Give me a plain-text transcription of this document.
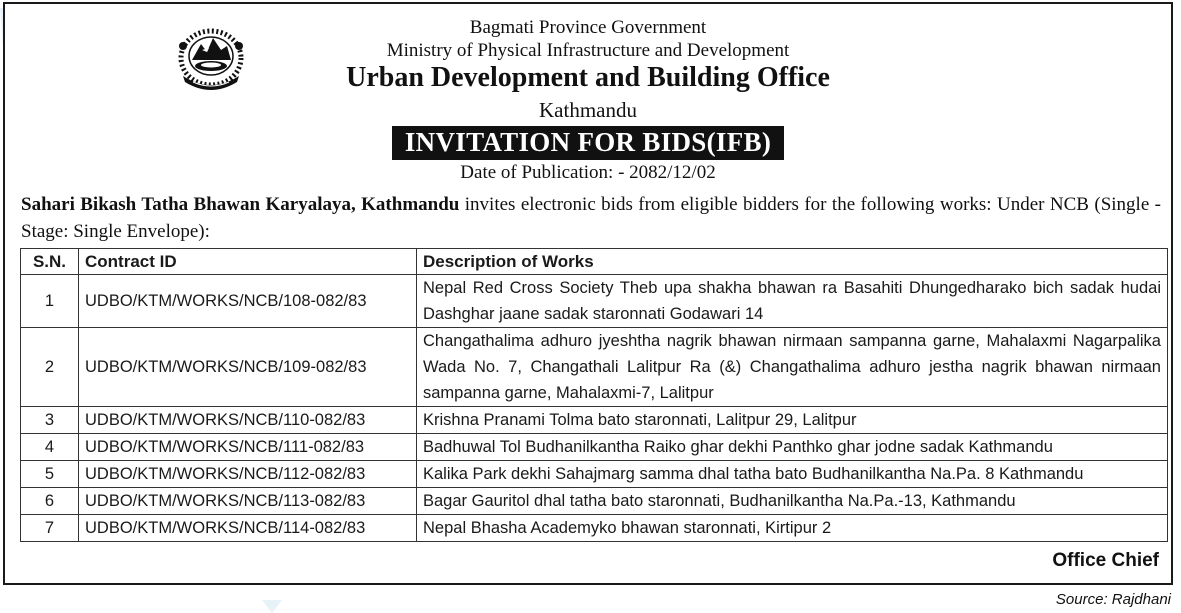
Bagmati Province Government
Ministry of Physical Infrastructure and Development
Urban Development and Building Office
Kathmandu
INVITATION FOR BIDS(IFB)
Date of Publication: - 2082/12/02
Sahari Bikash Tatha Bhawan Karyalaya, Kathmandu invites electronic bids from eligible bidders for the following works: Under NCB (Single -Stage: Single Envelope):
S.N.	Contract ID	Description of Works
1	UDBO/KTM/WORKS/NCB/108-082/83	Nepal Red Cross Society Theb upa shakha bhawan ra Basahiti Dhungedharako bich sadak hudai Dashghar jaane sadak staronnati Godawari 14
2	UDBO/KTM/WORKS/NCB/109-082/83	Changathalima adhuro jyeshtha nagrik bhawan nirmaan sampanna garne, Mahalaxmi Nagarpalika Wada No. 7, Changathali Lalitpur Ra (&) Changathalima adhuro jestha nagrik bhawan nirmaan sampanna garne, Mahalaxmi-7, Lalitpur
3	UDBO/KTM/WORKS/NCB/110-082/83	Krishna Pranami Tolma bato staronnati, Lalitpur 29, Lalitpur
4	UDBO/KTM/WORKS/NCB/111-082/83	Badhuwal Tol Budhanilkantha Raiko ghar dekhi Panthko ghar jodne sadak Kathmandu
5	UDBO/KTM/WORKS/NCB/112-082/83	Kalika Park dekhi Sahajmarg samma dhal tatha bato Budhanilkantha Na.Pa. 8 Kathmandu
6	UDBO/KTM/WORKS/NCB/113-082/83	Bagar Gauritol dhal tatha bato staronnati, Budhanilkantha Na.Pa.-13, Kathmandu
7	UDBO/KTM/WORKS/NCB/114-082/83	Nepal Bhasha Academyko bhawan staronnati, Kirtipur 2
Office Chief
Source: Rajdhani
